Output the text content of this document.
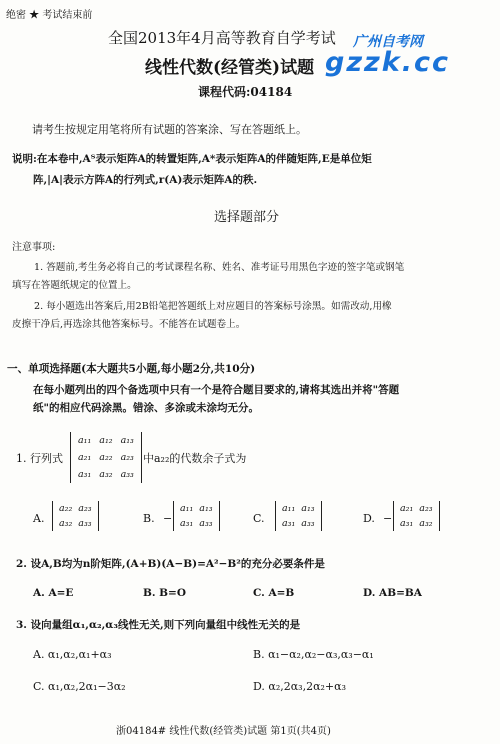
绝密 ★ 考试结束前
全国2013年4月高等教育自学考试
线性代数(经管类)试题
课程代码:04184
广州自考网
gzzk.cc
请考生按规定用笔将所有试题的答案涂、写在答题纸上。
说明:在本卷中,Aᵀ表示矩阵A的转置矩阵,A*表示矩阵A的伴随矩阵,E是单位矩
阵,|A|表示方阵A的行列式,r(A)表示矩阵A的秩.
选择题部分
注意事项:
1. 答题前,考生务必将自己的考试课程名称、姓名、准考证号用黑色字迹的签字笔或钢笔
填写在答题纸规定的位置上。
2. 每小题选出答案后,用2B铅笔把答题纸上对应题目的答案标号涂黑。如需改动,用橡
皮擦干净后,再选涂其他答案标号。不能答在试题卷上。
一、单项选择题(本大题共5小题,每小题2分,共10分)
在每小题列出的四个备选项中只有一个是符合题目要求的,请将其选出并将"答题
纸"的相应代码涂黑。错涂、多涂或未涂均无分。
1. 行列式
a₁₁	a₁₂	a₁₃
a₂₁	a₂₂	a₂₃
a₃₁	a₃₂	a₃₃
中a₂₂的代数余子式为
A.
a₂₂	a₂₃
a₃₂	a₃₃	B. −
a₁₁	a₁₃
a₃₁	a₃₃	C.
a₁₁	a₁₃
a₃₁	a₃₃	D. −
a₂₁	a₂₃
a₃₁	a₃₂
2. 设A,B均为n阶矩阵,(A+B)(A−B)=A²−B²的充分必要条件是
A. A=E	B. B=O	C. A=B	D. AB=BA
3. 设向量组α₁,α₂,α₃线性无关,则下列向量组中线性无关的是
A. α₁,α₂,α₁+α₃	B. α₁−α₂,α₂−α₃,α₃−α₁
C. α₁,α₂,2α₁−3α₂	D. α₂,2α₃,2α₂+α₃
浙04184# 线性代数(经管类)试题 第1页(共4页)
